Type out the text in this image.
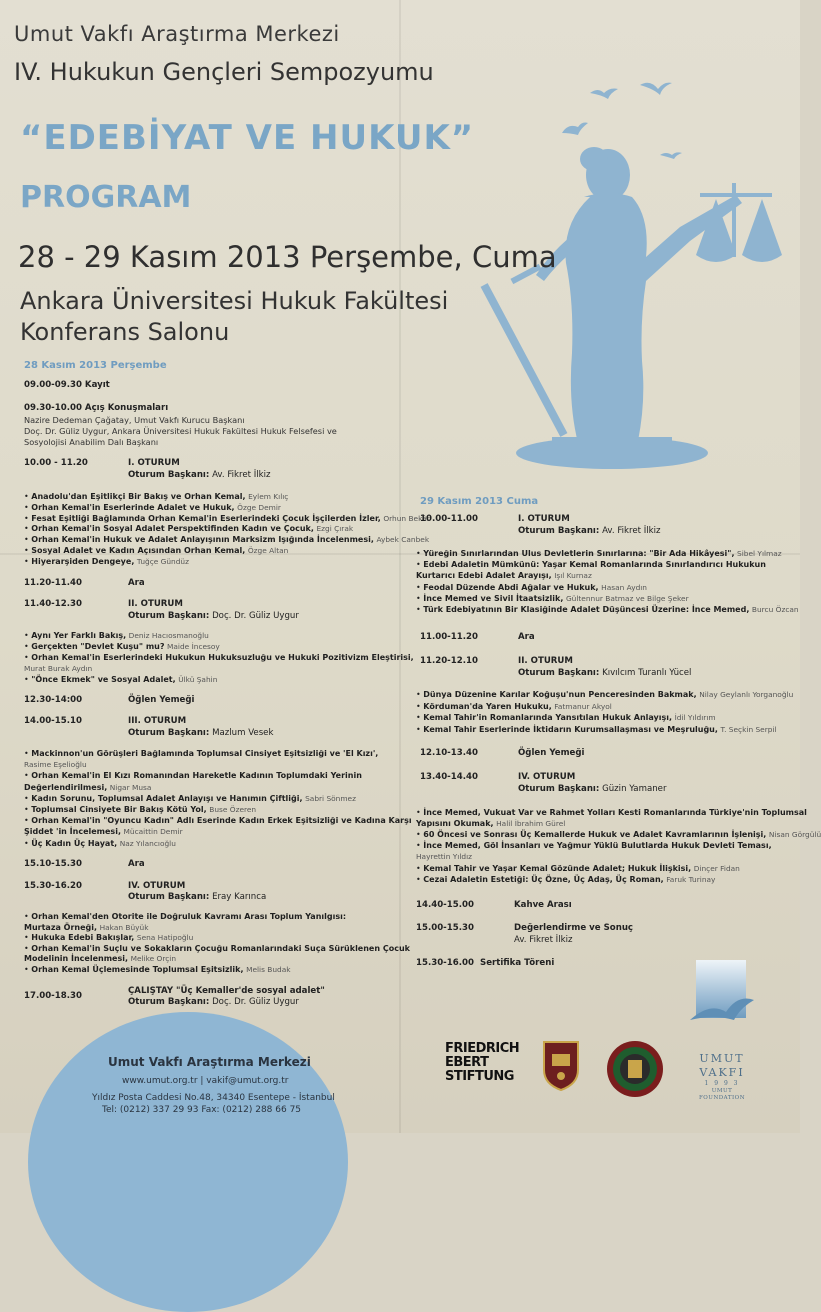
Umut Vakfı Araştırma Merkezi

IV. Hukukun Gençleri Sempozyumu

“EDEBİYAT VE HUKUK”

PROGRAM

28 - 29 Kasım 2013 Perşembe, Cuma

Ankara Üniversitesi Hukuk Fakültesi

Konferans Salonu

28 Kasım 2013 Perşembe

09.00-09.30 Kayıt

09.30-10.00 Açış Konuşmaları

Nazire Dedeman Çağatay, Umut Vakfı Kurucu Başkanı

Doç. Dr. Güliz Uygur, Ankara Üniversitesi Hukuk Fakültesi Hukuk Felsefesi ve

Sosyolojisi Anabilim Dalı Başkanı

10.00 - 11.20	I. OTURUM

Oturum Başkanı: Av. Fikret İlkiz

• Anadolu'dan Eşitlikçi Bir Bakış ve Orhan Kemal, Eylem Kılıç

• Orhan Kemal'in Eserlerinde Adalet ve Hukuk, Özge Demir

• Fesat Eşitliği Bağlamında Orhan Kemal'in Eserlerindeki Çocuk İşçilerden İzler, Orhun Bekâr

• Orhan Kemal'in Sosyal Adalet Perspektifinden Kadın ve Çocuk, Ezgi Çırak

• Orhan Kemal'in Hukuk ve Adalet Anlayışının Marksizm Işığında İncelenmesi, Aybek Canbek

• Sosyal Adalet ve Kadın Açısından Orhan Kemal, Özge Altan

• Hiyerarşiden Dengeye, Tuğçe Gündüz

11.20-11.40	Ara

11.40-12.30	II. OTURUM

Oturum Başkanı: Doç. Dr. Güliz Uygur

• Aynı Yer Farklı Bakış, Deniz Hacıosmanoğlu

• Gerçekten "Devlet Kuşu" mu? Maide İncesoy

• Orhan Kemal'in Eserlerindeki Hukukun Hukuksuzluğu ve Hukuki Pozitivizm Eleştirisi,

Murat Burak Aydın

• "Önce Ekmek" ve Sosyal Adalet, Ülkü Şahin

12.30-14:00	Öğlen Yemeği

14.00-15.10	III. OTURUM

Oturum Başkanı: Mazlum Vesek

• Mackinnon'un Görüşleri Bağlamında Toplumsal Cinsiyet Eşitsizliği ve 'El Kızı',

Rasime Eşelioğlu

• Orhan Kemal'in El Kızı Romanından Hareketle Kadının Toplumdaki Yerinin

Değerlendirilmesi, Nigar Musa

• Kadın Sorunu, Toplumsal Adalet Anlayışı ve Hanımın Çiftliği, Sabri Sönmez

• Toplumsal Cinsiyete Bir Bakış Kötü Yol, Buse Özeren

• Orhan Kemal'in "Oyuncu Kadın" Adlı Eserinde Kadın Erkek Eşitsizliği ve Kadına Karşı

Şiddet 'in İncelemesi, Mücaittin Demir

• Üç Kadın Üç Hayat, Naz Yılancıoğlu

15.10-15.30	Ara

15.30-16.20	IV. OTURUM

Oturum Başkanı: Eray Karınca

• Orhan Kemal'den Otorite ile Doğruluk Kavramı Arası Toplum Yanılgısı:

Murtaza Örneği, Hakan Büyük

• Hukuka Edebi Bakışlar, Sena Hatipoğlu

• Orhan Kemal'in Suçlu ve Sokakların Çocuğu Romanlarındaki Suça Sürüklenen Çocuk

Modelinin İncelenmesi, Melike Orçin

• Orhan Kemal Üçlemesinde Toplumsal Eşitsizlik, Melis Budak

17.00-18.30	ÇALIŞTAY "Üç Kemaller'de sosyal adalet"

Oturum Başkanı: Doç. Dr. Güliz Uygur

29 Kasım 2013 Cuma

10.00-11.00	I. OTURUM

Oturum Başkanı: Av. Fikret İlkiz

• Yüreğin Sınırlarından Ulus Devletlerin Sınırlarına: "Bir Ada Hikâyesi", Sibel Yılmaz

• Edebi Adaletin Mümkünü: Yaşar Kemal Romanlarında Sınırlandırıcı Hukukun

Kurtarıcı Edebi Adalet Arayışı, Işıl Kurnaz

• Feodal Düzende Abdi Ağalar ve Hukuk, Hasan Aydın

• İnce Memed ve Sivil İtaatsizlik, Gültennur Batmaz ve Bilge Şeker

• Türk Edebiyatının Bir Klasiğinde Adalet Düşüncesi Üzerine: İnce Memed, Burcu Özcan

11.00-11.20	Ara

11.20-12.10	II. OTURUM

Oturum Başkanı: Kıvılcım Turanlı Yücel

• Dünya Düzenine Karılar Koğuşu'nun Penceresinden Bakmak, Nilay Geylanlı Yorganoğlu

• Körduman'da Yaren Hukuku, Fatmanur Akyol

• Kemal Tahir'in Romanlarında Yansıtılan Hukuk Anlayışı, İdil Yıldırım

• Kemal Tahir Eserlerinde İktidarın Kurumsallaşması ve Meşruluğu, T. Seçkin Serpil

12.10-13.40	Öğlen Yemeği

13.40-14.40	IV. OTURUM

Oturum Başkanı: Güzin Yamaner

• İnce Memed, Vukuat Var ve Rahmet Yolları Kesti Romanlarında Türkiye'nin Toplumsal

Yapısını Okumak, Halil İbrahim Gürel

• 60 Öncesi ve Sonrası Üç Kemallerde Hukuk ve Adalet Kavramlarının İşlenişi, Nisan Görgülü

• İnce Memed, Göl İnsanları ve Yağmur Yüklü Bulutlarda Hukuk Devleti Teması,

Hayrettin Yıldız

• Kemal Tahir ve Yaşar Kemal Gözünde Adalet; Hukuk İlişkisi, Dinçer Fidan

• Cezai Adaletin Estetiği: Üç Özne, Üç Adaş, Üç Roman, Faruk Turinay

14.40-15.00	Kahve Arası

15.00-15.30	Değerlendirme ve Sonuç

Av. Fikret İlkiz

15.30-16.00 Sertifika Töreni

Umut Vakfı Araştırma Merkezi

www.umut.org.tr | vakif@umut.org.tr

Yıldız Posta Caddesi No.48, 34340 Esentepe - İstanbul

Tel: (0212) 337 29 93 Fax: (0212) 288 66 75

FRIEDRICH EBERT STIFTUNG

UMUT

VAKFI

1 9 9 3

UMUT

FOUNDATION
